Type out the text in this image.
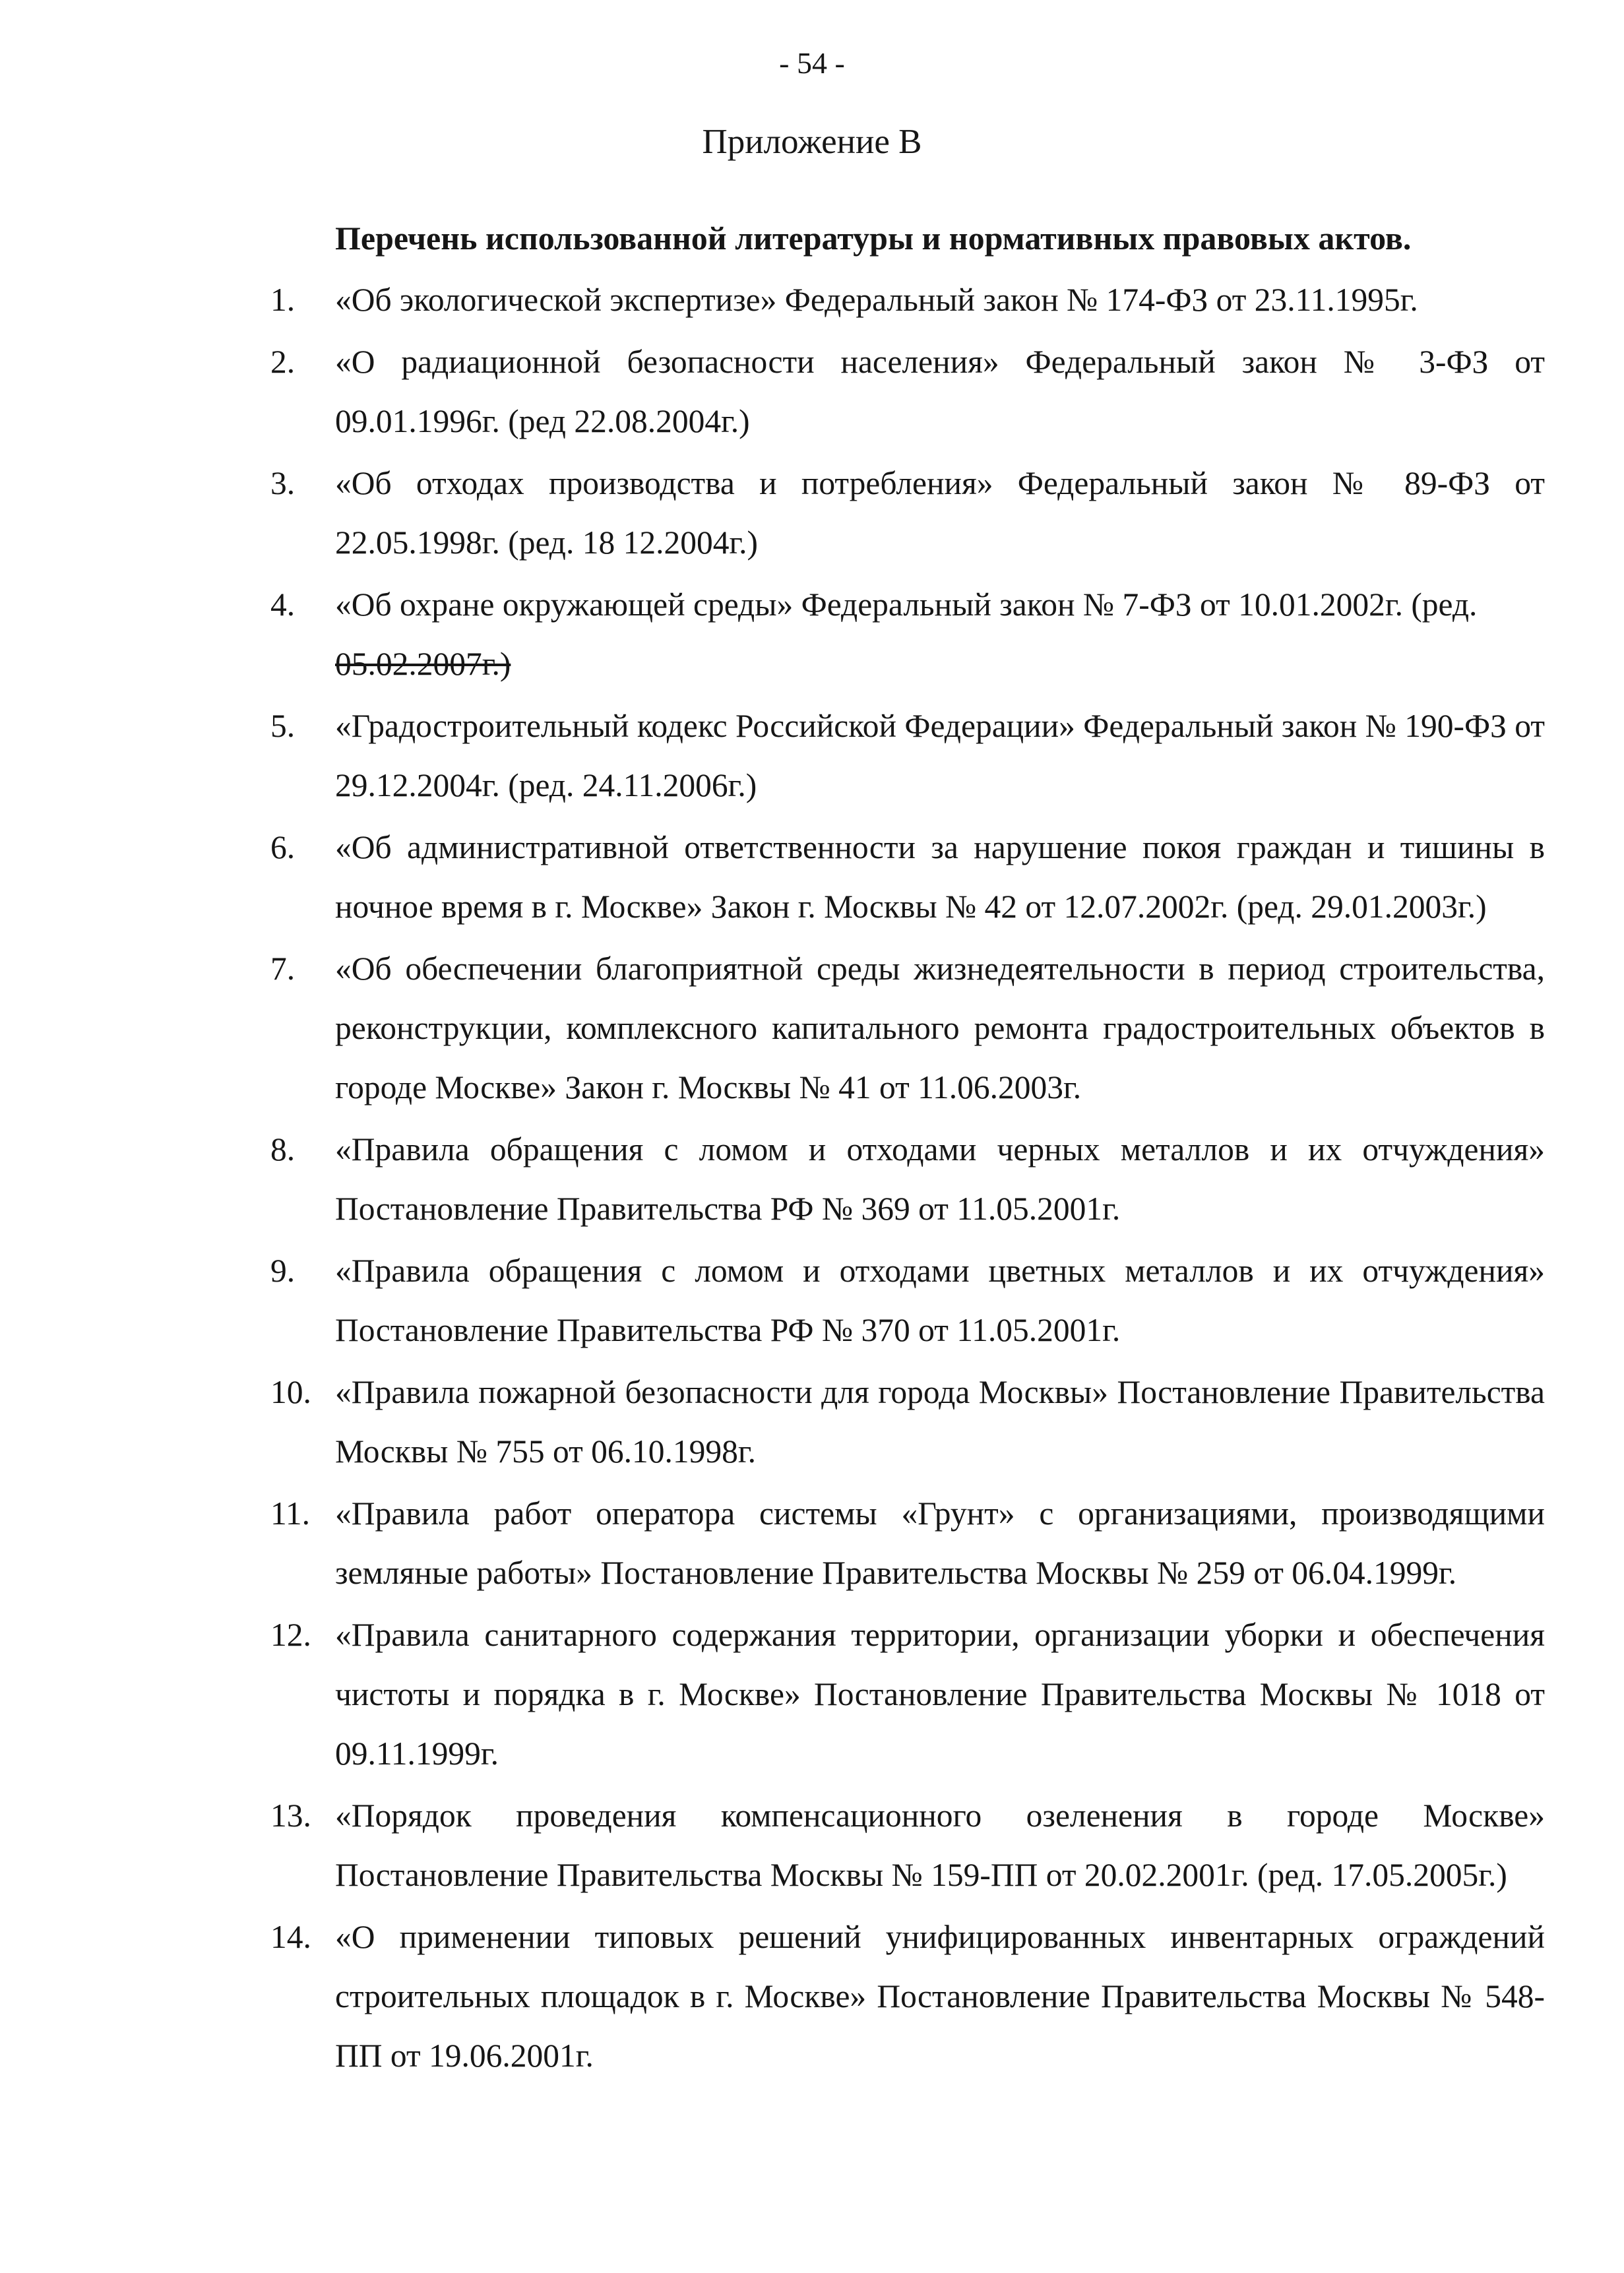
- 54 -
Приложение В
Перечень использованной литературы и нормативных правовых актов.
1.	«Об экологической экспертизе» Федеральный закон № 174-ФЗ от 23.11.1995г.
2.	«О радиационной безопасности населения» Федеральный закон № 3-ФЗ от 09.01.1996г. (ред 22.08.2004г.)
3.	«Об отходах производства и потребления» Федеральный закон № 89-ФЗ от 22.05.1998г. (ред. 18 12.2004г.)
4.	«Об охране окружающей среды» Федеральный закон № 7-ФЗ от 10.01.2002г. (ред.
05.02.2007г.)
5.	«Градостроительный кодекс Российской Федерации» Федеральный закон № 190-ФЗ от 29.12.2004г. (ред. 24.11.2006г.)
6.	«Об административной ответственности за нарушение покоя граждан и тишины в ночное время в г. Москве» Закон г. Москвы № 42 от 12.07.2002г. (ред. 29.01.2003г.)
7.	«Об обеспечении благоприятной среды жизнедеятельности в период строительства, реконструкции, комплексного капитального ремонта градостроительных объектов в городе Москве» Закон г. Москвы № 41 от 11.06.2003г.
8.	«Правила обращения с ломом и отходами черных металлов и их отчуждения» Постановление Правительства РФ № 369 от 11.05.2001г.
9.	«Правила обращения с ломом и отходами цветных металлов и их отчуждения» Постановление Правительства РФ № 370 от 11.05.2001г.
10. «Правила пожарной безопасности для города Москвы» Постановление Правительства Москвы № 755 от 06.10.1998г.
11. «Правила работ оператора системы «Грунт» с организациями, производящими земляные работы» Постановление Правительства Москвы № 259 от 06.04.1999г.
12. «Правила санитарного содержания территории, организации уборки и обеспечения чистоты и порядка в г. Москве» Постановление Правительства Москвы № 1018 от 09.11.1999г.
13. «Порядок проведения компенсационного озеленения в городе Москве» Постановление Правительства Москвы № 159-ПП от 20.02.2001г. (ред. 17.05.2005г.)
14. «О применении типовых решений унифицированных инвентарных ограждений строительных площадок в г. Москве» Постановление Правительства Москвы № 548-ПП от 19.06.2001г.
